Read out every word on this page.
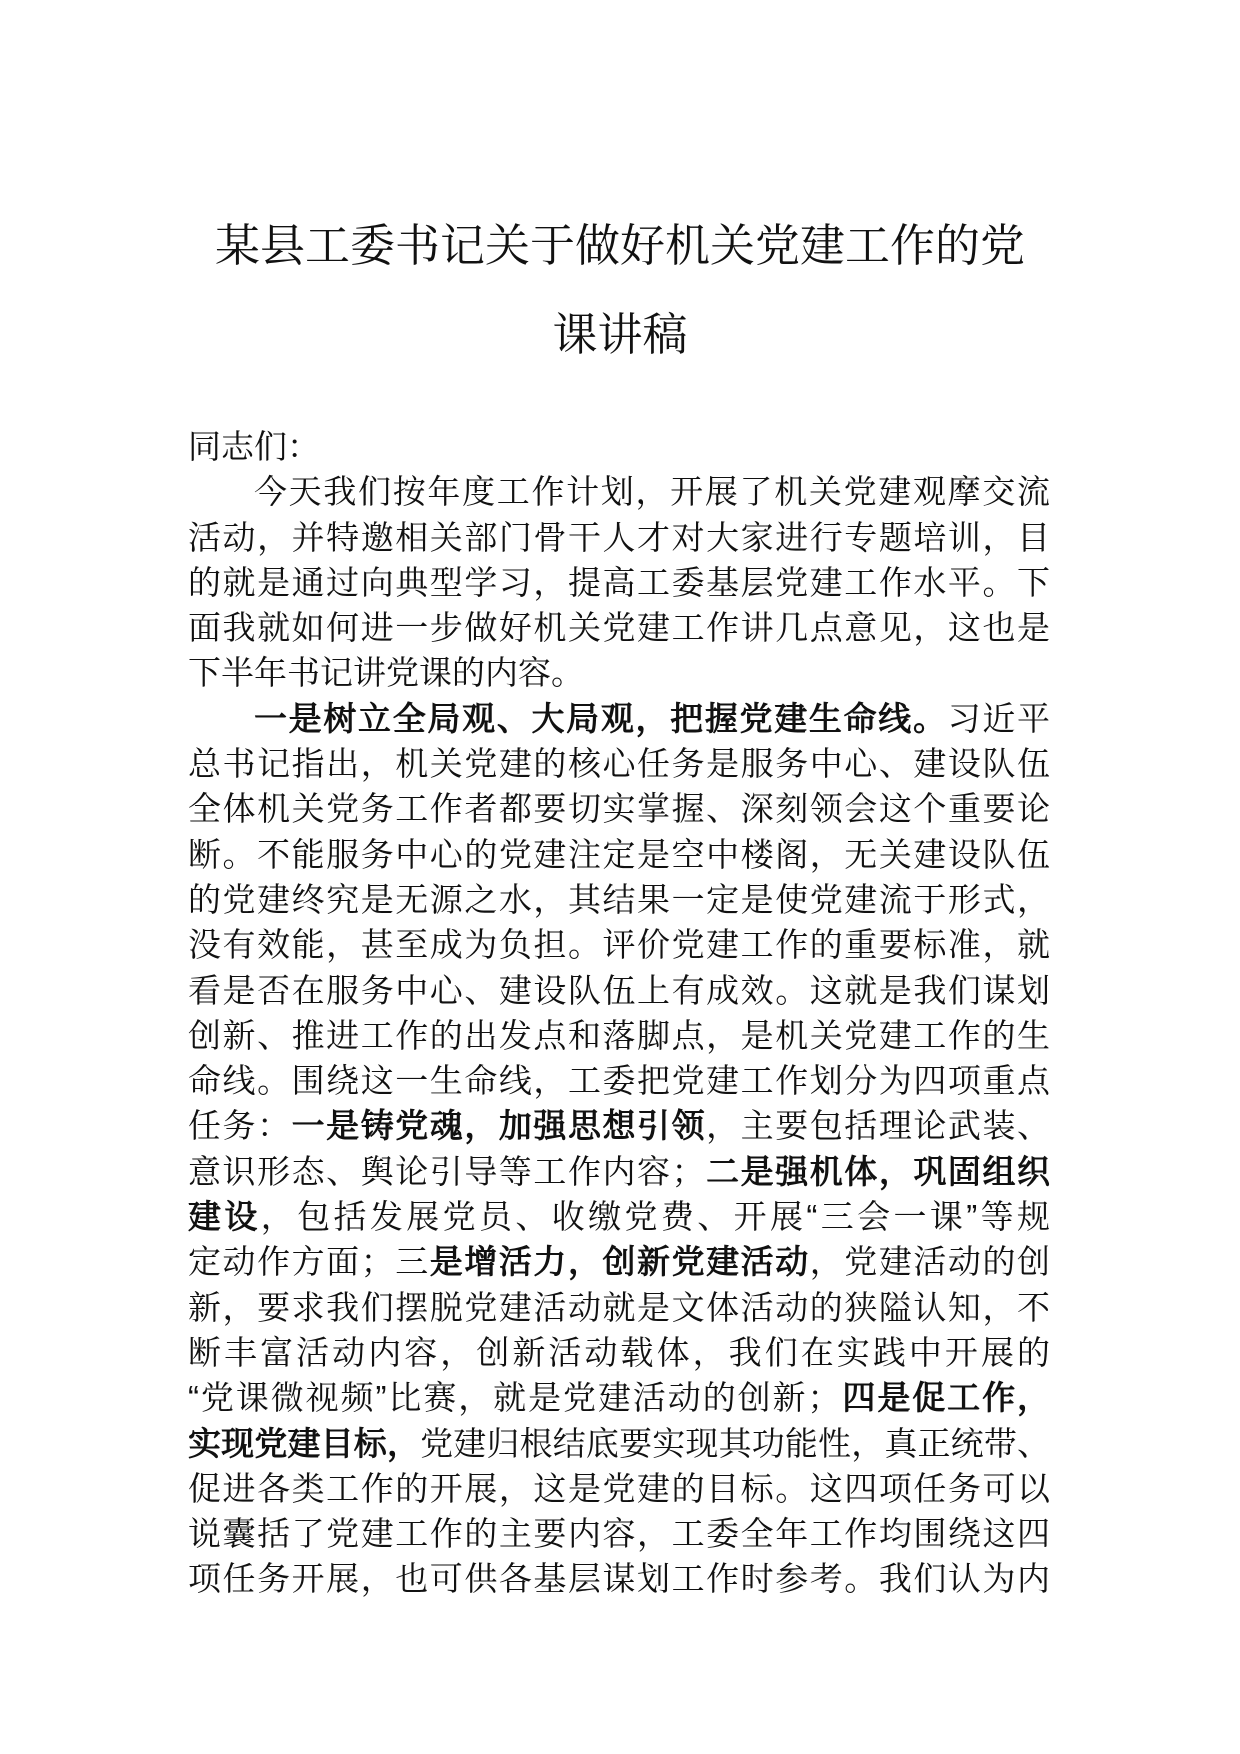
某县工委书记关于做好机关党建工作的党
课讲稿
同志们：
今天我们按年度工作计划，开展了机关党建观摩交流
活动，并特邀相关部门骨干人才对大家进行专题培训，目
的就是通过向典型学习，提高工委基层党建工作水平。下
面我就如何进一步做好机关党建工作讲几点意见，这也是
下半年书记讲党课的内容。
一是树立全局观、大局观，把握党建生命线。习近平
总书记指出，机关党建的核心任务是服务中心、建设队伍
全体机关党务工作者都要切实掌握、深刻领会这个重要论
断。不能服务中心的党建注定是空中楼阁，无关建设队伍
的党建终究是无源之水，其结果一定是使党建流于形式，
没有效能，甚至成为负担。评价党建工作的重要标准，就
看是否在服务中心、建设队伍上有成效。这就是我们谋划
创新、推进工作的出发点和落脚点，是机关党建工作的生
命线。围绕这一生命线，工委把党建工作划分为四项重点
任务：一是铸党魂，加强思想引领，主要包括理论武装、
意识形态、舆论引导等工作内容；二是强机体，巩固组织
建设，包括发展党员、收缴党费、开展“三会一课”等规
定动作方面；三是增活力，创新党建活动，党建活动的创
新，要求我们摆脱党建活动就是文体活动的狭隘认知，不
断丰富活动内容，创新活动载体，我们在实践中开展的
“党课微视频”比赛，就是党建活动的创新；四是促工作，
实现党建目标，党建归根结底要实现其功能性，真正统带、
促进各类工作的开展，这是党建的目标。这四项任务可以
说囊括了党建工作的主要内容，工委全年工作均围绕这四
项任务开展，也可供各基层谋划工作时参考。我们认为内
